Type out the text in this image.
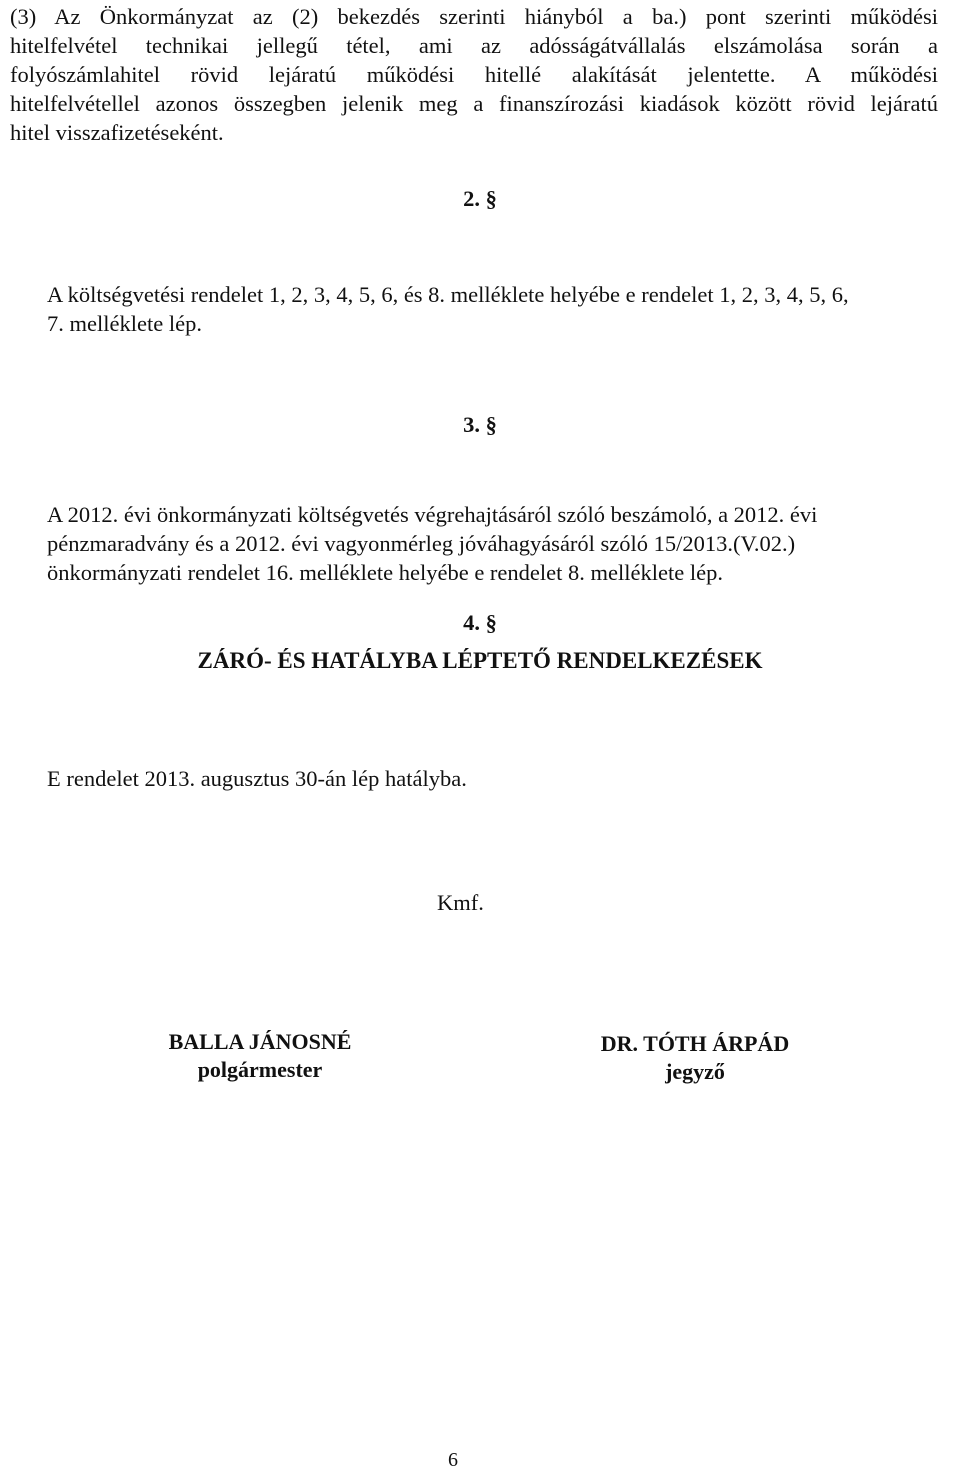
(3) Az Önkormányzat az (2) bekezdés szerinti hiányból a ba.) pont szerinti működési
hitelfelvétel technikai jellegű tétel, ami az adósságátvállalás elszámolása során a
folyószámlahitel rövid lejáratú működési hitellé alakítását jelentette. A működési
hitelfelvétellel azonos összegben jelenik meg a finanszírozási kiadások között rövid lejáratú
hitel visszafizetéseként.
2. §
A költségvetési rendelet 1, 2, 3, 4, 5, 6, és 8. melléklete helyébe e rendelet 1, 2, 3, 4, 5, 6,
7. melléklete lép.
3. §
A 2012. évi önkormányzati költségvetés végrehajtásáról szóló beszámoló, a 2012. évi
pénzmaradvány és a 2012. évi vagyonmérleg jóváhagyásáról szóló 15/2013.(V.02.)
önkormányzati rendelet 16. melléklete helyébe e rendelet 8. melléklete lép.
4. §
ZÁRÓ- ÉS HATÁLYBA LÉPTETŐ RENDELKEZÉSEK
E rendelet 2013. augusztus 30-án lép hatályba.
Kmf.
BALLA JÁNOSNÉ
polgármester
DR. TÓTH ÁRPÁD
jegyző
6
